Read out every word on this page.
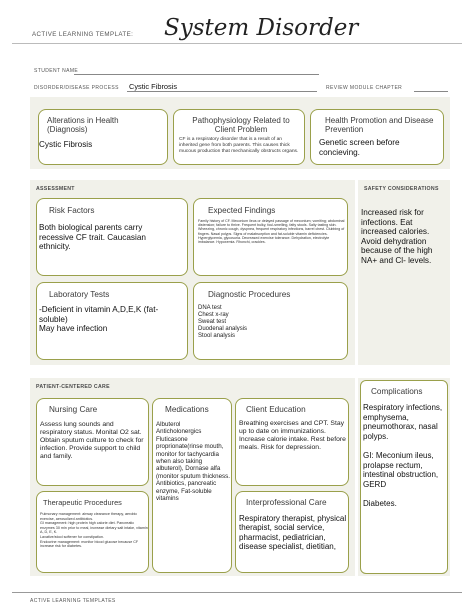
ACTIVE LEARNING TEMPLATE: System Disorder
STUDENT NAME
DISORDER/DISEASE PROCESS Cystic Fibrosis	REVIEW MODULE CHAPTER
Alterations in Health (Diagnosis)
Cystic Fibrosis
Pathophysiology Related to Client Problem
CF is a respiratory disorder that is a result of an inherited gene from both parents. This causes thick mucous production that mechanically obstructs organs.
Health Promotion and Disease Prevention
Genetic screen before concieving.
ASSESSMENT
Risk Factors
Both biological parents carry recessive CF trait. Caucasian ethnicity.
Expected Findings
Family history of CF. Meconium ileus or delayed passage of meconium; vomiting; abdominal distension; failure to thrive. Frequent bulky, foul-smelling, fatty stools. Salty tasting skin. Wheezing, chronic cough, dyspnea, frequent respiratory infections, barrel chest. Clubbing of fingers. Nasal polyps. Signs of malabsorption and fat-soluble vitamin deficiencies. Hyperglycemia, glycosuria. Decreased exercise tolerance. Dehydration, electrolyte imbalance. Hypoxemia. Rhonchi, crackles.
Laboratory Tests
-Deficient in vitamin A,D,E,K (fat-soluble)
May have infection
Diagnostic Procedures
DNA test
Chest x-ray
Sweat test
Duodenal analysis
Stool analysis
SAFETY CONSIDERATIONS
Increased risk for infections. Eat increased calories. Avoid dehydration because of the high NA+ and Cl- levels.
PATIENT-CENTERED CARE
Nursing Care
Assess lung sounds and respiratory status. Monital O2 sat. Obtain sputum culture to check for infection. Provide support to child and family.
Medications
Albuterol
Anticholonergics
Fluticasone proprionate(rinse mouth, monitor for tachycardia when also taking albuterol), Dornase alfa (monitor sputum thickness. Antibiotics, pancreatic enzyme, Fat-soluble vitamins
Client Education
Breathing exercises and CPT. Stay up to date on immunizations. Increase calorie intake. Rest before meals. Risk for depression.
Therapeutic Procedures
Pulmonary management: airway clearance therapy, aerobic exercise, aerosolized antibiotics.
GI management: high protein high calorie diet. Pancreatic enzymes 30 min prior to meal, increase dietary salt intake, vitamin A, D, E, K.
Laxative/stool softener for constipation.
Endocrine management: monitor blood glucose because CF increase risk for diabetes.
Interprofessional Care
Respiratory therapist, physical therapist, social service, pharmacist, pediatrician, disease specialist, dietitian,
Complications
Respiratory infections, emphysema, pneumothorax, nasal polyps.

GI: Meconium ileus, prolapse rectum, intestinal obstruction, GERD

Diabetes.
ACTIVE LEARNING TEMPLATES
